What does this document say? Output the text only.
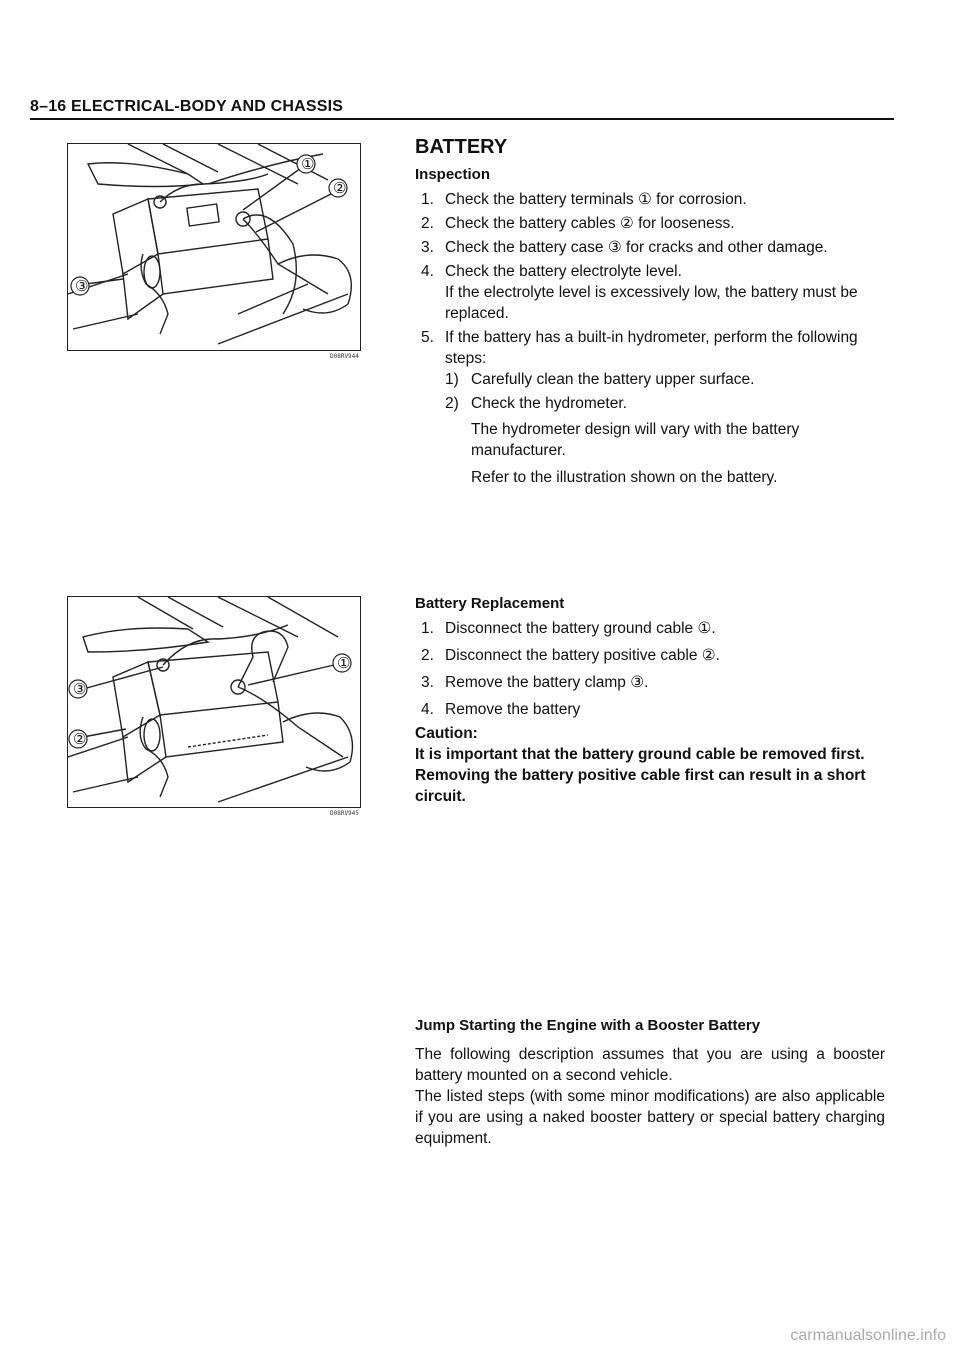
8–16 ELECTRICAL-BODY AND CHASSIS
①
②
③
D08RV944
①
③
②
D08RV945
BATTERY
Inspection
1. Check the battery terminals ① for corrosion.
2. Check the battery cables ② for looseness.
3. Check the battery case ③ for cracks and other damage.
4. Check the battery electrolyte level.
If the electrolyte level is excessively low, the battery must be replaced.
5. If the battery has a built-in hydrometer, perform the following steps:
1) Carefully clean the battery upper surface.
2) Check the hydrometer.
The hydrometer design will vary with the battery manufacturer.
Refer to the illustration shown on the battery.
Battery Replacement
1. Disconnect the battery ground cable ①.
2. Disconnect the battery positive cable ②.
3. Remove the battery clamp ③.
4. Remove the battery
Caution:
It is important that the battery ground cable be removed first.
Removing the battery positive cable first can result in a short circuit.
Jump Starting the Engine with a Booster Battery
The following description assumes that you are using a booster battery mounted on a second vehicle.
The listed steps (with some minor modifications) are also applicable if you are using a naked booster battery or special battery charging equipment.
carmanualsonline.info
